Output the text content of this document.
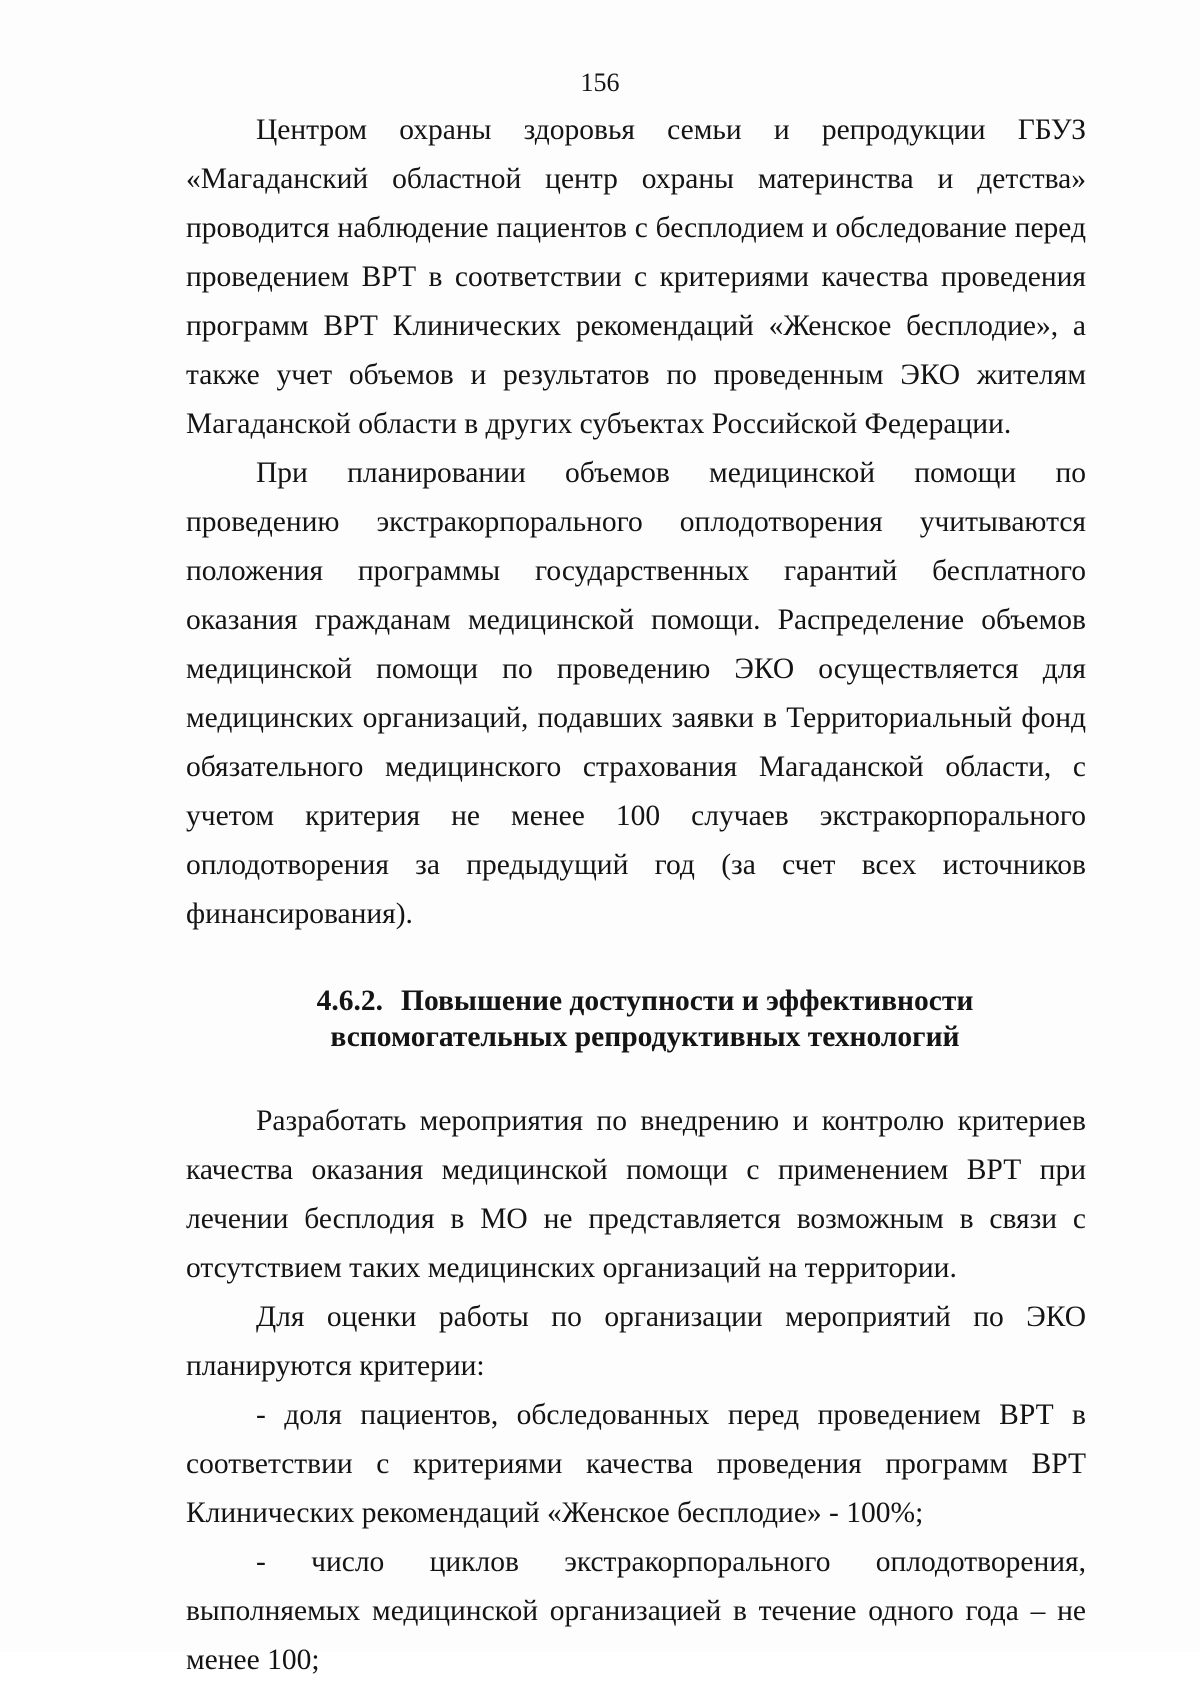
156

Центром охраны здоровья семьи и репродукции ГБУЗ «Магаданский областной центр охраны материнства и детства» проводится наблюдение пациентов с бесплодием и обследование перед проведением ВРТ в соответствии с критериями качества проведения программ ВРТ Клинических рекомендаций «Женское бесплодие», а также учет объемов и результатов по проведенным ЭКО жителям Магаданской области в других субъектах Российской Федерации.

При планировании объемов медицинской помощи по проведению экстракорпорального оплодотворения учитываются положения программы государственных гарантий бесплатного оказания гражданам медицинской помощи. Распределение объемов медицинской помощи по проведению ЭКО осуществляется для медицинских организаций, подавших заявки в Территориальный фонд обязательного медицинского страхования Магаданской области, с учетом критерия не менее 100 случаев экстракорпорального оплодотворения за предыдущий год (за счет всех источников финансирования).

4.6.2. Повышение доступности и эффективности вспомогательных репродуктивных технологий

Разработать мероприятия по внедрению и контролю критериев качества оказания медицинской помощи с применением ВРТ при лечении бесплодия в МО не представляется возможным в связи с отсутствием таких медицинских организаций на территории.

Для оценки работы по организации мероприятий по ЭКО планируются критерии:

- доля пациентов, обследованных перед проведением ВРТ в соответствии с критериями качества проведения программ ВРТ Клинических рекомендаций «Женское бесплодие» - 100%;

- число циклов экстракорпорального оплодотворения, выполняемых медицинской организацией в течение одного года – не менее 100;
